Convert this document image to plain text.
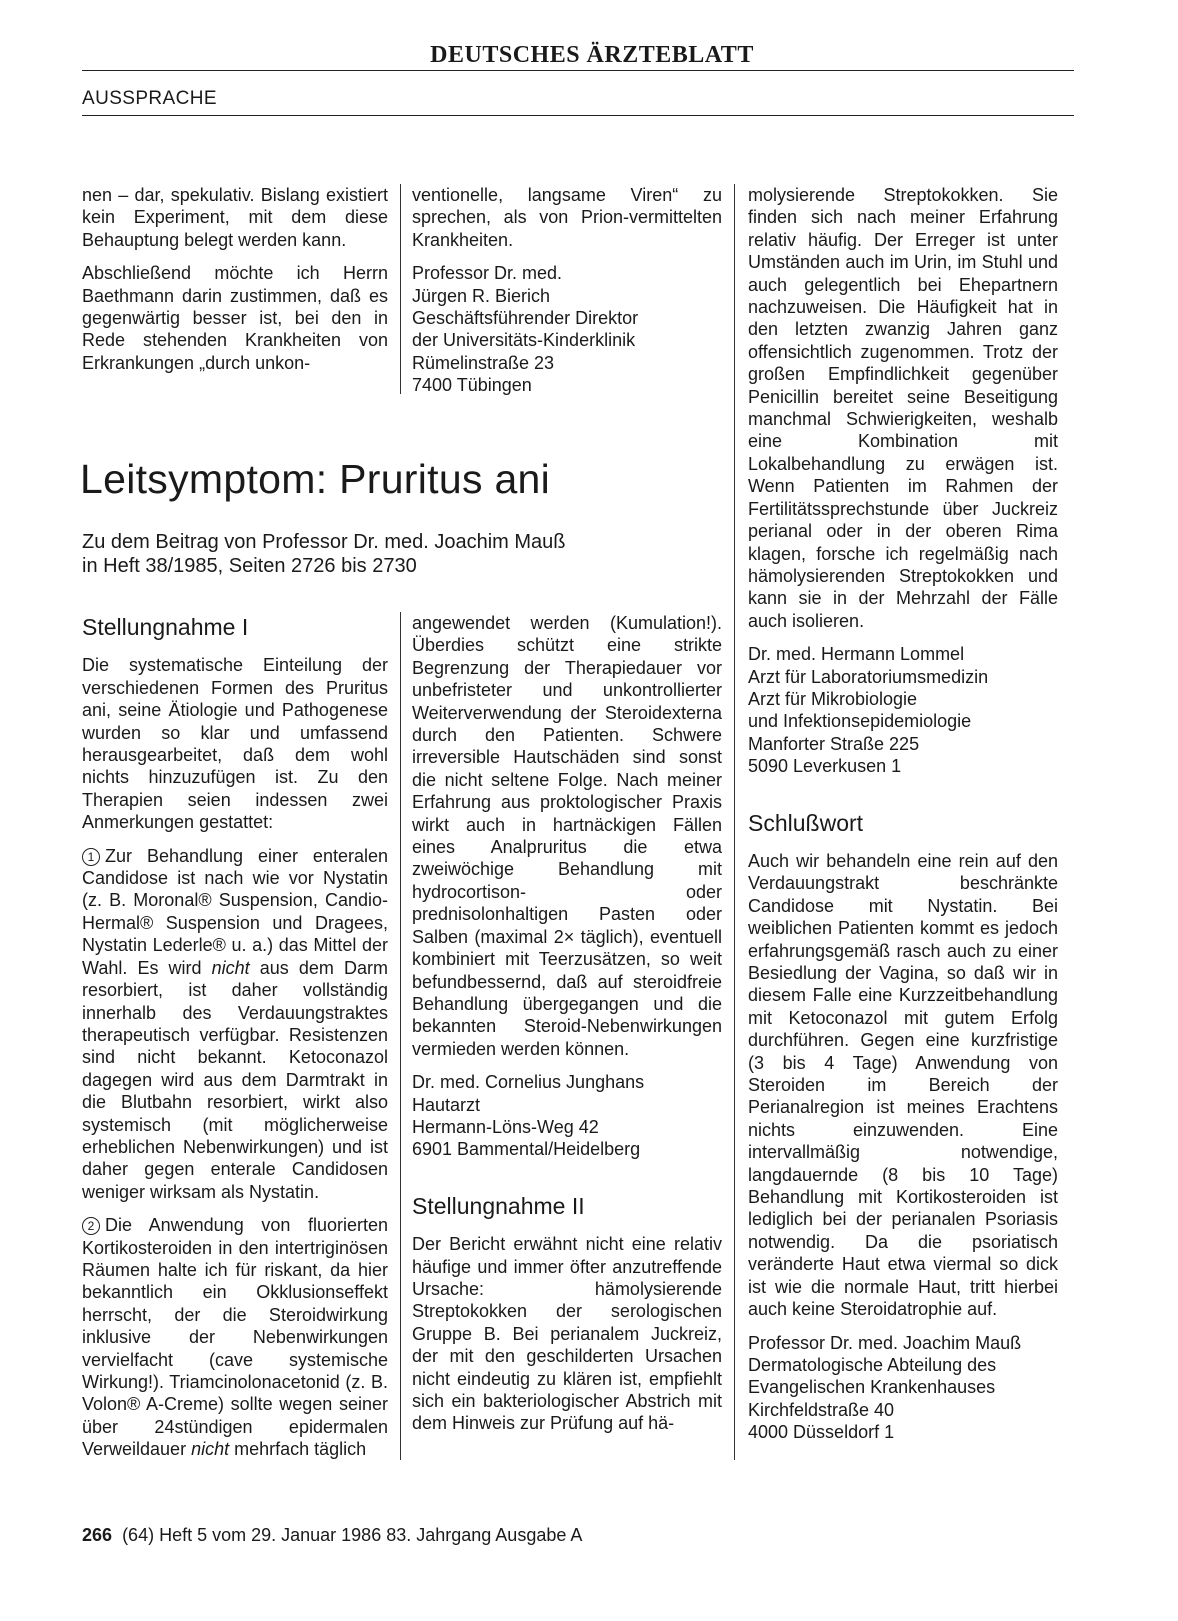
DEUTSCHES ÄRZTEBLATT
AUSSPRACHE

nen – dar, spekulativ. Bislang existiert kein Experiment, mit dem diese Behauptung belegt werden kann.

Abschließend möchte ich Herrn Baethmann darin zustimmen, daß es gegenwärtig besser ist, bei den in Rede stehenden Krankheiten von Erkrankungen „durch unkon-

ventionelle, langsame Viren“ zu sprechen, als von Prion-vermittelten Krankheiten.

Professor Dr. med.
Jürgen R. Bierich
Geschäftsführender Direktor
der Universitäts-Kinderklinik
Rümelinstraße 23
7400 Tübingen

Leitsymptom: Pruritus ani
Zu dem Beitrag von Professor Dr. med. Joachim Mauß
in Heft 38/1985, Seiten 2726 bis 2730
Stellungnahme I

Die systematische Einteilung der verschiedenen Formen des Pruritus ani, seine Ätiologie und Pathogenese wurden so klar und umfassend herausgearbeitet, daß dem wohl nichts hinzuzufügen ist. Zu den Therapien seien indessen zwei Anmerkungen gestattet:

1 Zur Behandlung einer enteralen Candidose ist nach wie vor Nystatin (z. B. Moronal® Suspension, Candio-Hermal® Suspension und Dragees, Nystatin Lederle® u. a.) das Mittel der Wahl. Es wird nicht aus dem Darm resorbiert, ist daher vollständig innerhalb des Verdauungstraktes therapeutisch verfügbar. Resistenzen sind nicht bekannt. Ketoconazol dagegen wird aus dem Darmtrakt in die Blutbahn resorbiert, wirkt also systemisch (mit möglicherweise erheblichen Nebenwirkungen) und ist daher gegen enterale Candidosen weniger wirksam als Nystatin.

2 Die Anwendung von fluorierten Kortikosteroiden in den intertriginösen Räumen halte ich für riskant, da hier bekanntlich ein Okklusionseffekt herrscht, der die Steroidwirkung inklusive der Nebenwirkungen vervielfacht (cave systemische Wirkung!). Triamcinolonacetonid (z. B. Volon® A-Creme) sollte wegen seiner über 24stündigen epidermalen Verweildauer nicht mehrfach täglich

angewendet werden (Kumulation!). Überdies schützt eine strikte Begrenzung der Therapiedauer vor unbefristeter und unkontrollierter Weiterverwendung der Steroidexterna durch den Patienten. Schwere irreversible Hautschäden sind sonst die nicht seltene Folge. Nach meiner Erfahrung aus proktologischer Praxis wirkt auch in hartnäckigen Fällen eines Analpruritus die etwa zweiwöchige Behandlung mit hydrocortison- oder prednisolonhaltigen Pasten oder Salben (maximal 2× täglich), eventuell kombiniert mit Teerzusätzen, so weit befundbessernd, daß auf steroidfreie Behandlung übergegangen und die bekannten Steroid-Nebenwirkungen vermieden werden können.

Dr. med. Cornelius Junghans
Hautarzt
Hermann-Löns-Weg 42
6901 Bammental/Heidelberg

Stellungnahme II

Der Bericht erwähnt nicht eine relativ häufige und immer öfter anzutreffende Ursache: hämolysierende Streptokokken der serologischen Gruppe B. Bei perianalem Juckreiz, der mit den geschilderten Ursachen nicht eindeutig zu klären ist, empfiehlt sich ein bakteriologischer Abstrich mit dem Hinweis zur Prüfung auf hä-

molysierende Streptokokken. Sie finden sich nach meiner Erfahrung relativ häufig. Der Erreger ist unter Umständen auch im Urin, im Stuhl und auch gelegentlich bei Ehepartnern nachzuweisen. Die Häufigkeit hat in den letzten zwanzig Jahren ganz offensichtlich zugenommen. Trotz der großen Empfindlichkeit gegenüber Penicillin bereitet seine Beseitigung manchmal Schwierigkeiten, weshalb eine Kombination mit Lokalbehandlung zu erwägen ist. Wenn Patienten im Rahmen der Fertilitätssprechstunde über Juckreiz perianal oder in der oberen Rima klagen, forsche ich regelmäßig nach hämolysierenden Streptokokken und kann sie in der Mehrzahl der Fälle auch isolieren.

Dr. med. Hermann Lommel
Arzt für Laboratoriumsmedizin
Arzt für Mikrobiologie
und Infektionsepidemiologie
Manforter Straße 225
5090 Leverkusen 1

Schlußwort

Auch wir behandeln eine rein auf den Verdauungstrakt beschränkte Candidose mit Nystatin. Bei weiblichen Patienten kommt es jedoch erfahrungsgemäß rasch auch zu einer Besiedlung der Vagina, so daß wir in diesem Falle eine Kurzzeitbehandlung mit Ketoconazol mit gutem Erfolg durchführen. Gegen eine kurzfristige (3 bis 4 Tage) Anwendung von Steroiden im Bereich der Perianalregion ist meines Erachtens nichts einzuwenden. Eine intervallmäßig notwendige, langdauernde (8 bis 10 Tage) Behandlung mit Kortikosteroiden ist lediglich bei der perianalen Psoriasis notwendig. Da die psoriatisch veränderte Haut etwa viermal so dick ist wie die normale Haut, tritt hierbei auch keine Steroidatrophie auf.

Professor Dr. med. Joachim Mauß
Dermatologische Abteilung des
Evangelischen Krankenhauses
Kirchfeldstraße 40
4000 Düsseldorf 1

266 (64) Heft 5 vom 29. Januar 1986 83. Jahrgang Ausgabe A
